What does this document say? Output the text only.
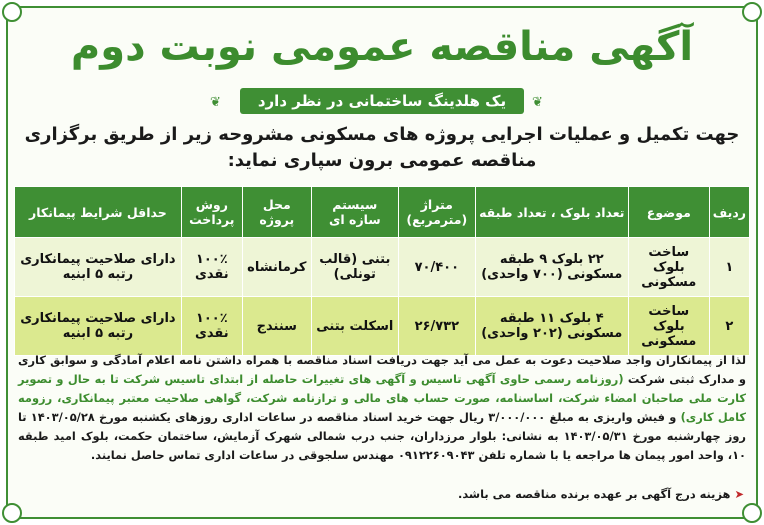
آگهی مناقصه عمومی نوبت دوم
❦	یک هلدینگ ساختمانی در نظر دارد	❦
جهت تکمیل و عملیات اجرایی پروژه های مسکونی مشروحه زیر از طریق برگزاری
مناقصه عمومی برون سپاری نماید:
ردیف	موضوع	تعداد بلوک ، تعداد طبقه	متراژ (مترمربع)	سیستم سازه ای	محل پروژه	روش پرداخت	حداقل شرایط پیمانکار
۱	ساخت بلوک مسکونی	۲۲ بلوک ۹ طبقه مسکونی (۷۰۰ واحدی)	۷۰/۴۰۰	بتنی (قالب تونلی)	کرمانشاه	۱۰۰٪ نقدی	دارای صلاحیت پیمانکاری رتبه ۵ ابنیه
۲	ساخت بلوک مسکونی	۴ بلوک ۱۱ طبقه مسکونی (۲۰۲ واحدی)	۲۶/۷۳۲	اسکلت بتنی	سنندج	۱۰۰٪ نقدی	دارای صلاحیت پیمانکاری رتبه ۵ ابنیه
لذا از پیمانکاران واجد صلاحیت دعوت به عمل می آید جهت دریافت اسناد مناقصه با همراه داشتن نامه اعلام آمادگی و سوابق کاری و مدارک ثبتی شرکت (روزنامه رسمی حاوی آگهی تاسیس و آگهی های تغییرات حاصله از ابتدای تاسیس شرکت تا به حال و تصویر کارت ملی صاحبان امضاء شرکت، اساسنامه، صورت حساب های مالی و ترازنامه شرکت، گواهی صلاحیت معتبر پیمانکاری، رزومه کامل کاری) و فیش واریزی به مبلغ ۳/۰۰۰/۰۰۰ ریال جهت خرید اسناد مناقصه در ساعات اداری روزهای یکشنبه مورخ ۱۴۰۳/۰۵/۲۸ تا روز چهارشنبه مورخ ۱۴۰۳/۰۵/۳۱ به نشانی: بلوار مرزداران، جنب درب شمالی شهرک آزمایش، ساختمان حکمت، بلوک امید طبقه ۱۰، واحد امور پیمان ها مراجعه یا با شماره تلفن ۰۹۱۲۲۶۰۹۰۴۳ مهندس سلجوقی در ساعات اداری تماس حاصل نمایند.
➤هزینه درج آگهی بر عهده برنده مناقصه می باشد.
